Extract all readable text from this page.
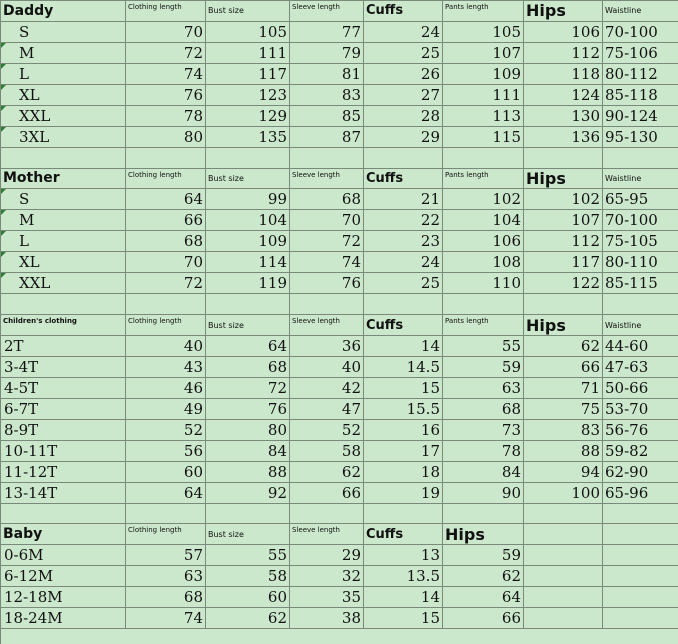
Daddy	Clothing length	Bust size	Sleeve length	Cuffs	Pants length	Hips	Waistline
S	70	105	77	24	105	106 70-100
M	72	111	79	25	107	112 75-106
L	74	117	81	26	109	118 80-112
XL	76	123	83	27	111	124 85-118
XXL	78	129	85	28	113	130 90-124
3XL	80	135	87	29	115	136 95-130
Mother	Clothing length	Bust size	Sleeve length	Cuffs	Pants length	Hips	Waistline
S	64	99	68	21	102	102 65-95
M	66	104	70	22	104	107 70-100
L	68	109	72	23	106	112 75-105
XL	70	114	74	24	108	117 80-110
XXL	72	119	76	25	110	122 85-115
Children's clothing	Clothing length	Bust size	Sleeve length	Cuffs	Pants length	Hips	Waistline
2T	40	64	36	14	55	62 44-60
3-4T	43	68	40	14.5	59	66 47-63
4-5T	46	72	42	15	63	71 50-66
6-7T	49	76	47	15.5	68	75 53-70
8-9T	52	80	52	16	73	83 56-76
10-11T	56	84	58	17	78	88 59-82
11-12T	60	88	62	18	84	94 62-90
13-14T	64	92	66	19	90	100 65-96
Baby	Clothing length	Bust size	Sleeve length	Cuffs	Hips
0-6M	57	55	29	13	59
6-12M	63	58	32	13.5	62
12-18M	68	60	35	14	64
18-24M	74	62	38	15	66
